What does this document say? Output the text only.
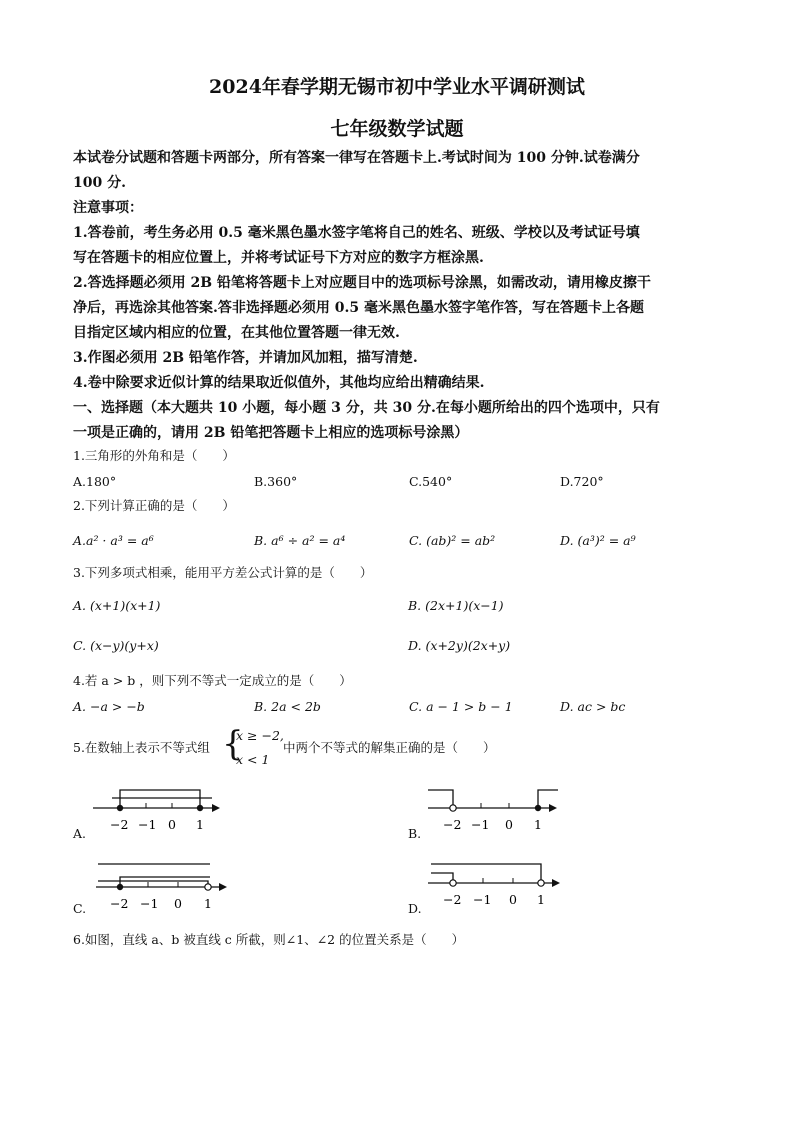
2024年春学期无锡市初中学业水平调研测试
七年级数学试题
本试卷分试题和答题卡两部分，所有答案一律写在答题卡上.考试时间为 100 分钟.试卷满分
100 分.
注意事项：
1.答卷前，考生务必用 0.5 毫米黑色墨水签字笔将自己的姓名、班级、学校以及考试证号填
写在答题卡的相应位置上，并将考试证号下方对应的数字方框涂黑.
2.答选择题必须用 2B 铅笔将答题卡上对应题目中的选项标号涂黑，如需改动，请用橡皮擦干
净后，再选涂其他答案.答非选择题必须用 0.5 毫米黑色墨水签字笔作答，写在答题卡上各题
目指定区域内相应的位置，在其他位置答题一律无效.
3.作图必须用 2B 铅笔作答，并请加风加粗，描写清楚.
4.卷中除要求近似计算的结果取近似值外，其他均应给出精确结果.
一、选择题（本大题共 10 小题，每小题 3 分，共 30 分.在每小题所给出的四个选项中，只有
一项是正确的，请用 2B 铅笔把答题卡上相应的选项标号涂黑）
1.三角形的外角和是（　　）
A.180°	B.360°	C.540°	D.720°
2.下列计算正确的是（　　）
A.a² · a³ = a⁶	B. a⁶ ÷ a² = a⁴	C. (ab)² = ab²	D. (a³)² = a⁹
3.下列多项式相乘，能用平方差公式计算的是（　　）
A. (x+1)(x+1)	B. (2x+1)(x−1)
C. (x−y)(y+x)	D. (x+2y)(2x+y)
4.若 a > b ，则下列不等式一定成立的是（　　）
A. −a > −b	B. 2a < 2b	C. a − 1 > b − 1	D. ac > bc
5.在数轴上表示不等式组 {
x ≥ −2,
x < 1
中两个不等式的解集正确的是（　　）
A.	B.
C.	D.
−2 −1 0 1	−2 −1 0 1
−2 −1 0 1	−2 −1 0 1
6.如图，直线 a、b 被直线 c 所截，则∠1、∠2 的位置关系是（　　）
